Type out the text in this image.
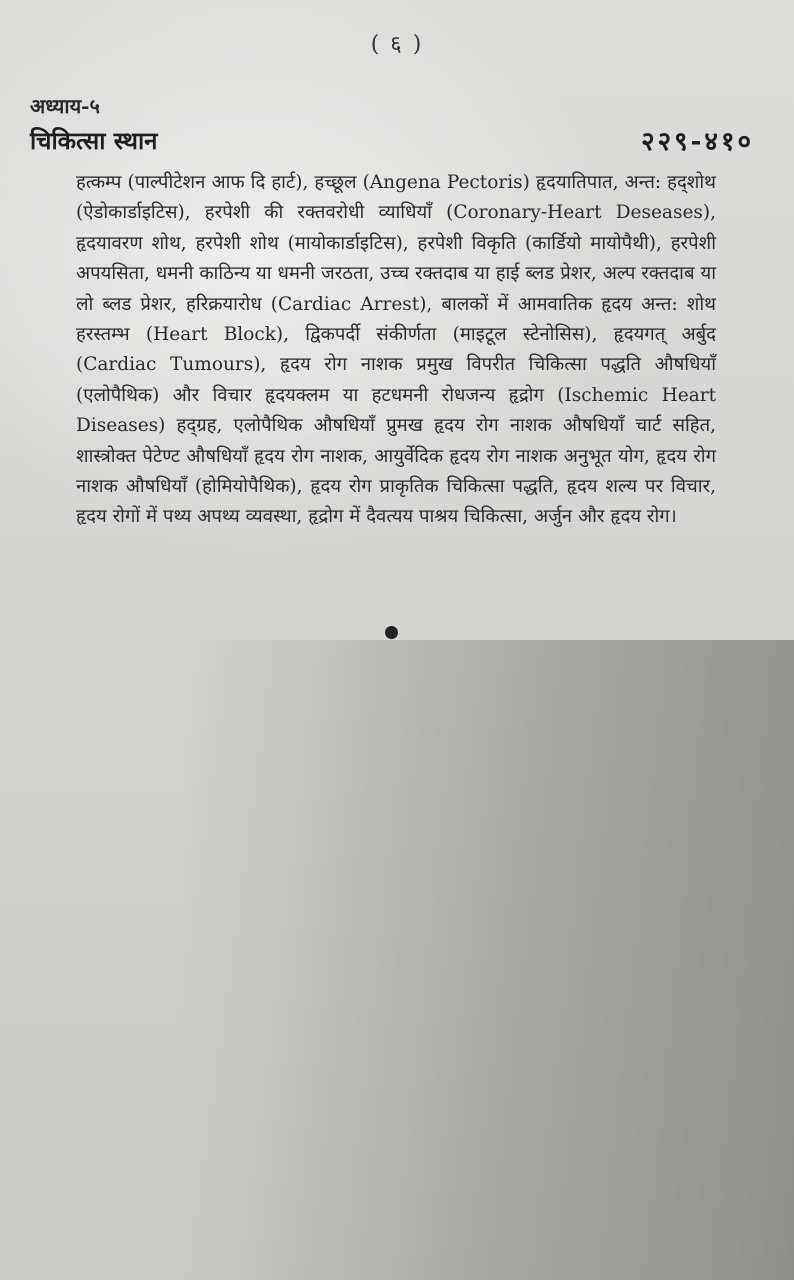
( ६ )
अध्याय-५
चिकित्सा स्थान	२२९-४१०
हत्कम्प (पाल्पीटेशन आफ दि हार्ट), हच्छूल (Angena Pectoris) हृदयातिपात, अन्त: हद्शोथ (ऐडोकार्डाइटिस), हरपेशी की रक्तवरोधी व्याधियाँ (Coronary-Heart Deseases), हृदयावरण शोथ, हरपेशी शोथ (मायोकार्डाइटिस), हरपेशी विकृति (कार्डियो मायोपैथी), हरपेशी अपयसिता, धमनी काठिन्य या धमनी जरठता, उच्च रक्तदाब या हाई ब्लड प्रेशर, अल्प रक्तदाब या लो ब्लड प्रेशर, हरिक्रयारोध (Cardiac Arrest), बालकों में आमवातिक हृदय अन्त: शोथ हरस्तम्भ (Heart Block), द्विकपर्दी संकीर्णता (माइटूल स्टेनोसिस), हृदयगत् अर्बुद (Cardiac Tumours), हृदय रोग नाशक प्रमुख विपरीत चिकित्सा पद्धति औषधियाँ (एलोपैथिक) और विचार हृदयक्लम या हटधमनी रोधजन्य हृद्रोग (Ischemic Heart Diseases) हद्ग्रह, एलोपैथिक औषधियाँ प्रुमख हृदय रोग नाशक औषधियाँ चार्ट सहित, शास्त्रोक्त पेटेण्ट औषधियाँ हृदय रोग नाशक, आयुर्वेदिक हृदय रोग नाशक अनुभूत योग, हृदय रोग नाशक औषधियाँ (होमियोपैथिक), हृदय रोग प्राकृतिक चिकित्सा पद्धति, हृदय शल्य पर विचार, हृदय रोगों में पथ्य अपथ्य व्यवस्था, हृद्रोग में दैवत्यय पाश्रय चिकित्सा, अर्जुन और हृदय रोग।
